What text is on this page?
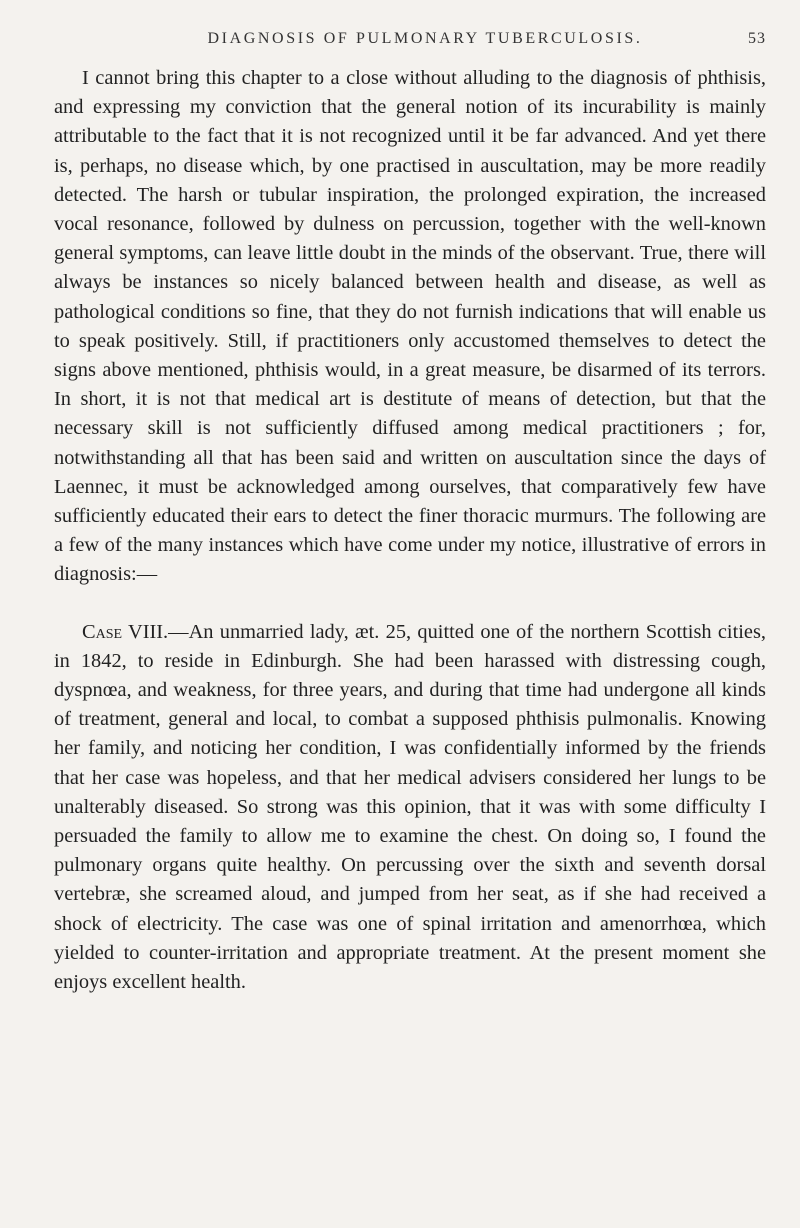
DIAGNOSIS OF PULMONARY TUBERCULOSIS.	53

I cannot bring this chapter to a close without alluding to the diagnosis of phthisis, and expressing my conviction that the general notion of its incurability is mainly attributable to the fact that it is not recognized until it be far advanced. And yet there is, perhaps, no disease which, by one practised in auscultation, may be more readily detected. The harsh or tubular inspiration, the prolonged expiration, the increased vocal resonance, followed by dulness on percussion, together with the well-known general symptoms, can leave little doubt in the minds of the observant. True, there will always be instances so nicely balanced between health and disease, as well as pathological conditions so fine, that they do not furnish indications that will enable us to speak positively. Still, if practitioners only accustomed themselves to detect the signs above mentioned, phthisis would, in a great measure, be disarmed of its terrors. In short, it is not that medical art is destitute of means of detection, but that the necessary skill is not sufficiently diffused among medical practitioners ; for, notwithstanding all that has been said and written on auscultation since the days of Laennec, it must be acknowledged among ourselves, that comparatively few have sufficiently educated their ears to detect the finer thoracic murmurs. The following are a few of the many instances which have come under my notice, illustrative of errors in diagnosis:—

Case VIII.—An unmarried lady, æt. 25, quitted one of the northern Scottish cities, in 1842, to reside in Edinburgh. She had been harassed with distressing cough, dyspnœa, and weakness, for three years, and during that time had undergone all kinds of treatment, general and local, to combat a supposed phthisis pulmonalis. Knowing her family, and noticing her condition, I was confidentially informed by the friends that her case was hopeless, and that her medical advisers considered her lungs to be unalterably diseased. So strong was this opinion, that it was with some difficulty I persuaded the family to allow me to examine the chest. On doing so, I found the pulmonary organs quite healthy. On percussing over the sixth and seventh dorsal vertebræ, she screamed aloud, and jumped from her seat, as if she had received a shock of electricity. The case was one of spinal irritation and amenorrhœa, which yielded to counter-irritation and appropriate treatment. At the present moment she enjoys excellent health.
